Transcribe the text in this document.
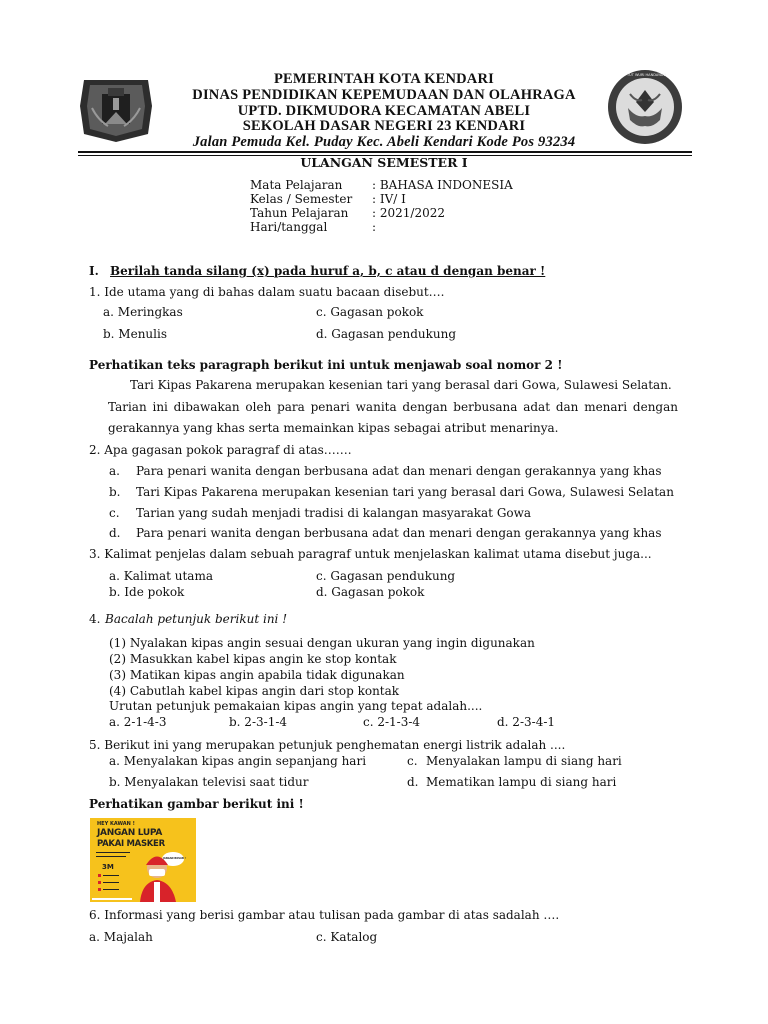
TUT WURI HANDAYANI
PEMERINTAH KOTA KENDARI
DINAS PENDIDIKAN KEPEMUDAAN DAN OLAHRAGA
UPTD. DIKMUDORA KECAMATAN ABELI
SEKOLAH DASAR NEGERI 23 KENDARI
Jalan Pemuda Kel. Puday Kec. Abeli Kendari Kode Pos 93234
ULANGAN SEMESTER I
Mata Pelajaran : BAHASA INDONESIA
Kelas / Semester : IV/ I
Tahun Pelajaran : 2021/2022
Hari/tanggal	:
I. Berilah tanda silang (x) pada huruf a, b, c atau d dengan benar !
1. Ide utama yang di bahas dalam suatu bacaan disebut….
a. Meringkas	c. Gagasan pokok
b. Menulis	d. Gagasan pendukung
Perhatikan teks paragraph berikut ini untuk menjawab soal nomor 2 !
Tari Kipas Pakarena merupakan kesenian tari yang berasal dari Gowa, Sulawesi Selatan.
Tarian ini dibawakan oleh para penari wanita dengan berbusana adat dan menari dengan
gerakannya yang khas serta memainkan kipas sebagai atribut menarinya.
2. Apa gagasan pokok paragraf di atas…….
a. Para penari wanita dengan berbusana adat dan menari dengan gerakannya yang khas
b. Tari Kipas Pakarena merupakan kesenian tari yang berasal dari Gowa, Sulawesi Selatan
c. Tarian yang sudah menjadi tradisi di kalangan masyarakat Gowa
d. Para penari wanita dengan berbusana adat dan menari dengan gerakannya yang khas
3. Kalimat penjelas dalam sebuah paragraf untuk menjelaskan kalimat utama disebut juga...
a. Kalimat utama	c. Gagasan pendukung
b. Ide pokok	d. Gagasan pokok
4. Bacalah petunjuk berikut ini !
(1) Nyalakan kipas angin sesuai dengan ukuran yang ingin digunakan
(2) Masukkan kabel kipas angin ke stop kontak
(3) Matikan kipas angin apabila tidak digunakan
(4) Cabutlah kabel kipas angin dari stop kontak
Urutan petunjuk pemakaian kipas angin yang tepat adalah....
a. 2-1-4-3	b. 2-3-1-4	c. 2-1-3-4	d. 2-3-4-1
5. Berikut ini yang merupakan petunjuk penghematan energi listrik adalah ....
a. Menyalakan kipas angin sepanjang hari	c. Menyalakan lampu di siang hari
b. Menyalakan televisi saat tidur	d. Mematikan lampu di siang hari
Perhatikan gambar berikut ini !
HEY KAWAN !
JANGAN LUPA
PAKAI MASKER
3M
JANGAN BOSAN !
6. Informasi yang berisi gambar atau tulisan pada gambar di atas sadalah ….
a. Majalah	c. Katalog
